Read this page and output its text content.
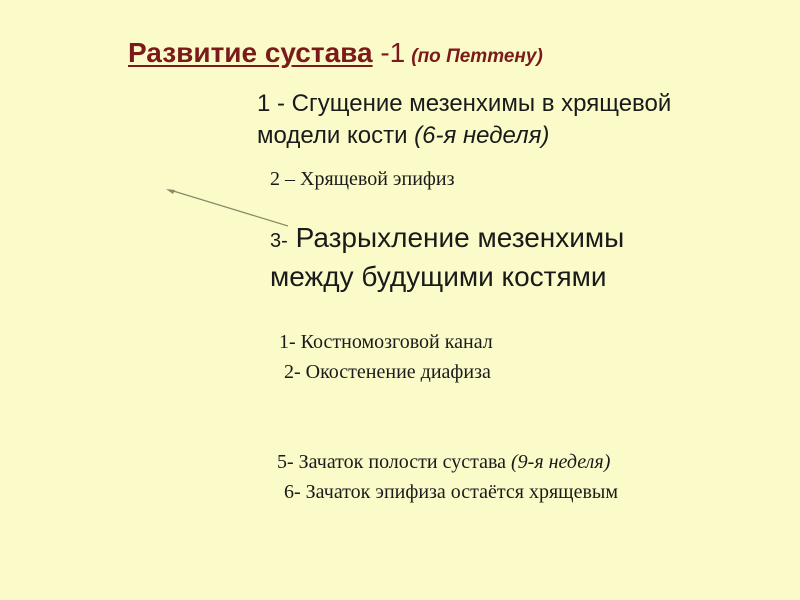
Развитие сустава -1 (по Петтену)
1 - Сгущение мезенхимы в хрящевой
модели кости (6-я неделя)
2 – Хрящевой эпифиз
3- Разрыхление мезенхимы
между будущими костями
1- Костномозговой канал
2- Окостенение диафиза
5- Зачаток полости сустава (9-я неделя)
6- Зачаток эпифиза остаётся хрящевым
